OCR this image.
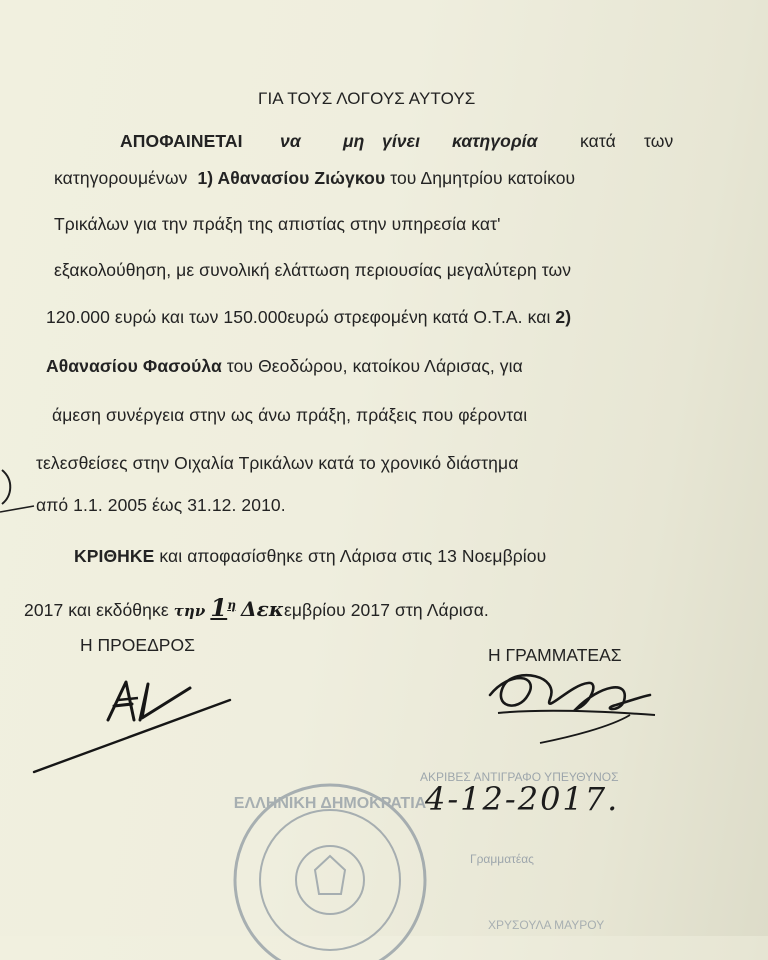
ΓΙΑ ΤΟΥΣ ΛΟΓΟΥΣ ΑΥΤΟΥΣ
ΑΠΟΦΑΙΝΕΤΑΙ να μη γίνει κατηγορία κατά των
κατηγορουμένων 1) Αθανασίου Ζιώγκου του Δημητρίου κατοίκου
Τρικάλων για την πράξη της απιστίας στην υπηρεσία κατ'
εξακολούθηση, με συνολική ελάττωση περιουσίας μεγαλύτερη των
120.000 ευρώ και των 150.000ευρώ στρεφομένη κατά Ο.Τ.Α. και 2)
Αθανασίου Φασούλα του Θεοδώρου, κατοίκου Λάρισας, για
άμεση συνέργεια στην ως άνω πράξη, πράξεις που φέρονται
τελεσθείσες στην Οιχαλία Τρικάλων κατά το χρονικό διάστημα
από 1.1. 2005 έως 31.12. 2010.
ΚΡΙΘΗΚΕ και αποφασίσθηκε στη Λάρισα στις 13 Νοεμβρίου
2017 και εκδόθηκε την $1^\eta$ Δεκεμβρίου 2017 στη Λάρισα.
Η ΠΡΟΕΔΡΟΣ	Η ΓΡΑΜΜΑΤΕΑΣ
ΕΛΛΗΝΙΚΗ ΔΗΜΟΚΡΑΤΙΑ
ΑΚΡΙΒΕΣ ΑΝΤΙΓΡΑΦΟ ΥΠΕΥΘΥΝΟΣ
Γραμματέας
ΧΡΥΣΟΥΛΑ ΜΑΥΡΟΥ
4-12-2017.
